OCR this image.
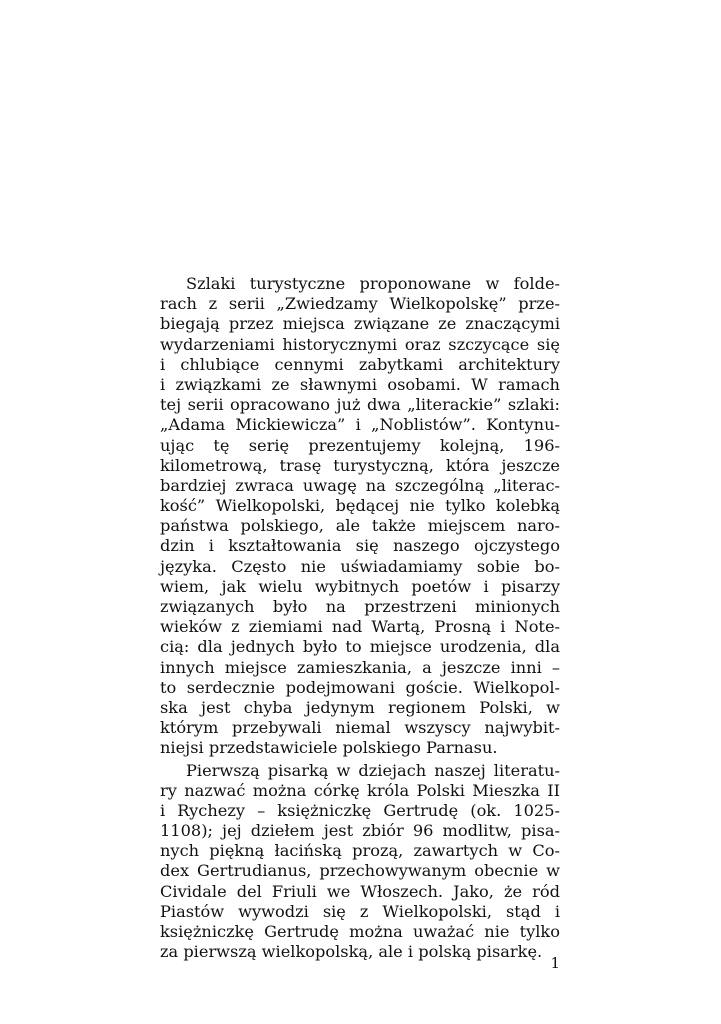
Szlaki turystyczne proponowane w folde-
rach z serii „Zwiedzamy Wielkopolskę” prze-
biegają przez miejsca związane ze znaczącymi
wydarzeniami historycznymi oraz szczycące się
i chlubiące cennymi zabytkami architektury
i związkami ze sławnymi osobami. W ramach
tej serii opracowano już dwa „literackie” szlaki:
„Adama Mickiewicza” i „Noblistów”. Kontynu-
ując tę serię prezentujemy kolejną, 196-
kilometrową, trasę turystyczną, która jeszcze
bardziej zwraca uwagę na szczególną „literac-
kość” Wielkopolski, będącej nie tylko kolebką
państwa polskiego, ale także miejscem naro-
dzin i kształtowania się naszego ojczystego
języka. Często nie uświadamiamy sobie bo-
wiem, jak wielu wybitnych poetów i pisarzy
związanych było na przestrzeni minionych
wieków z ziemiami nad Wartą, Prosną i Note-
cią: dla jednych było to miejsce urodzenia, dla
innych miejsce zamieszkania, a jeszcze inni –
to serdecznie podejmowani goście. Wielkopol-
ska jest chyba jedynym regionem Polski, w
którym przebywali niemal wszyscy najwybit-
niejsi przedstawiciele polskiego Parnasu.
Pierwszą pisarką w dziejach naszej literatu-
ry nazwać można córkę króla Polski Mieszka II
i Rychezy – księżniczkę Gertrudę (ok. 1025-
1108); jej dziełem jest zbiór 96 modlitw, pisa-
nych piękną łacińską prozą, zawartych w Co-
dex Gertrudianus, przechowywanym obecnie w
Cividale del Friuli we Włoszech. Jako, że ród
Piastów wywodzi się z Wielkopolski, stąd i
księżniczkę Gertrudę można uważać nie tylko
za pierwszą wielkopolską, ale i polską pisarkę.
1
